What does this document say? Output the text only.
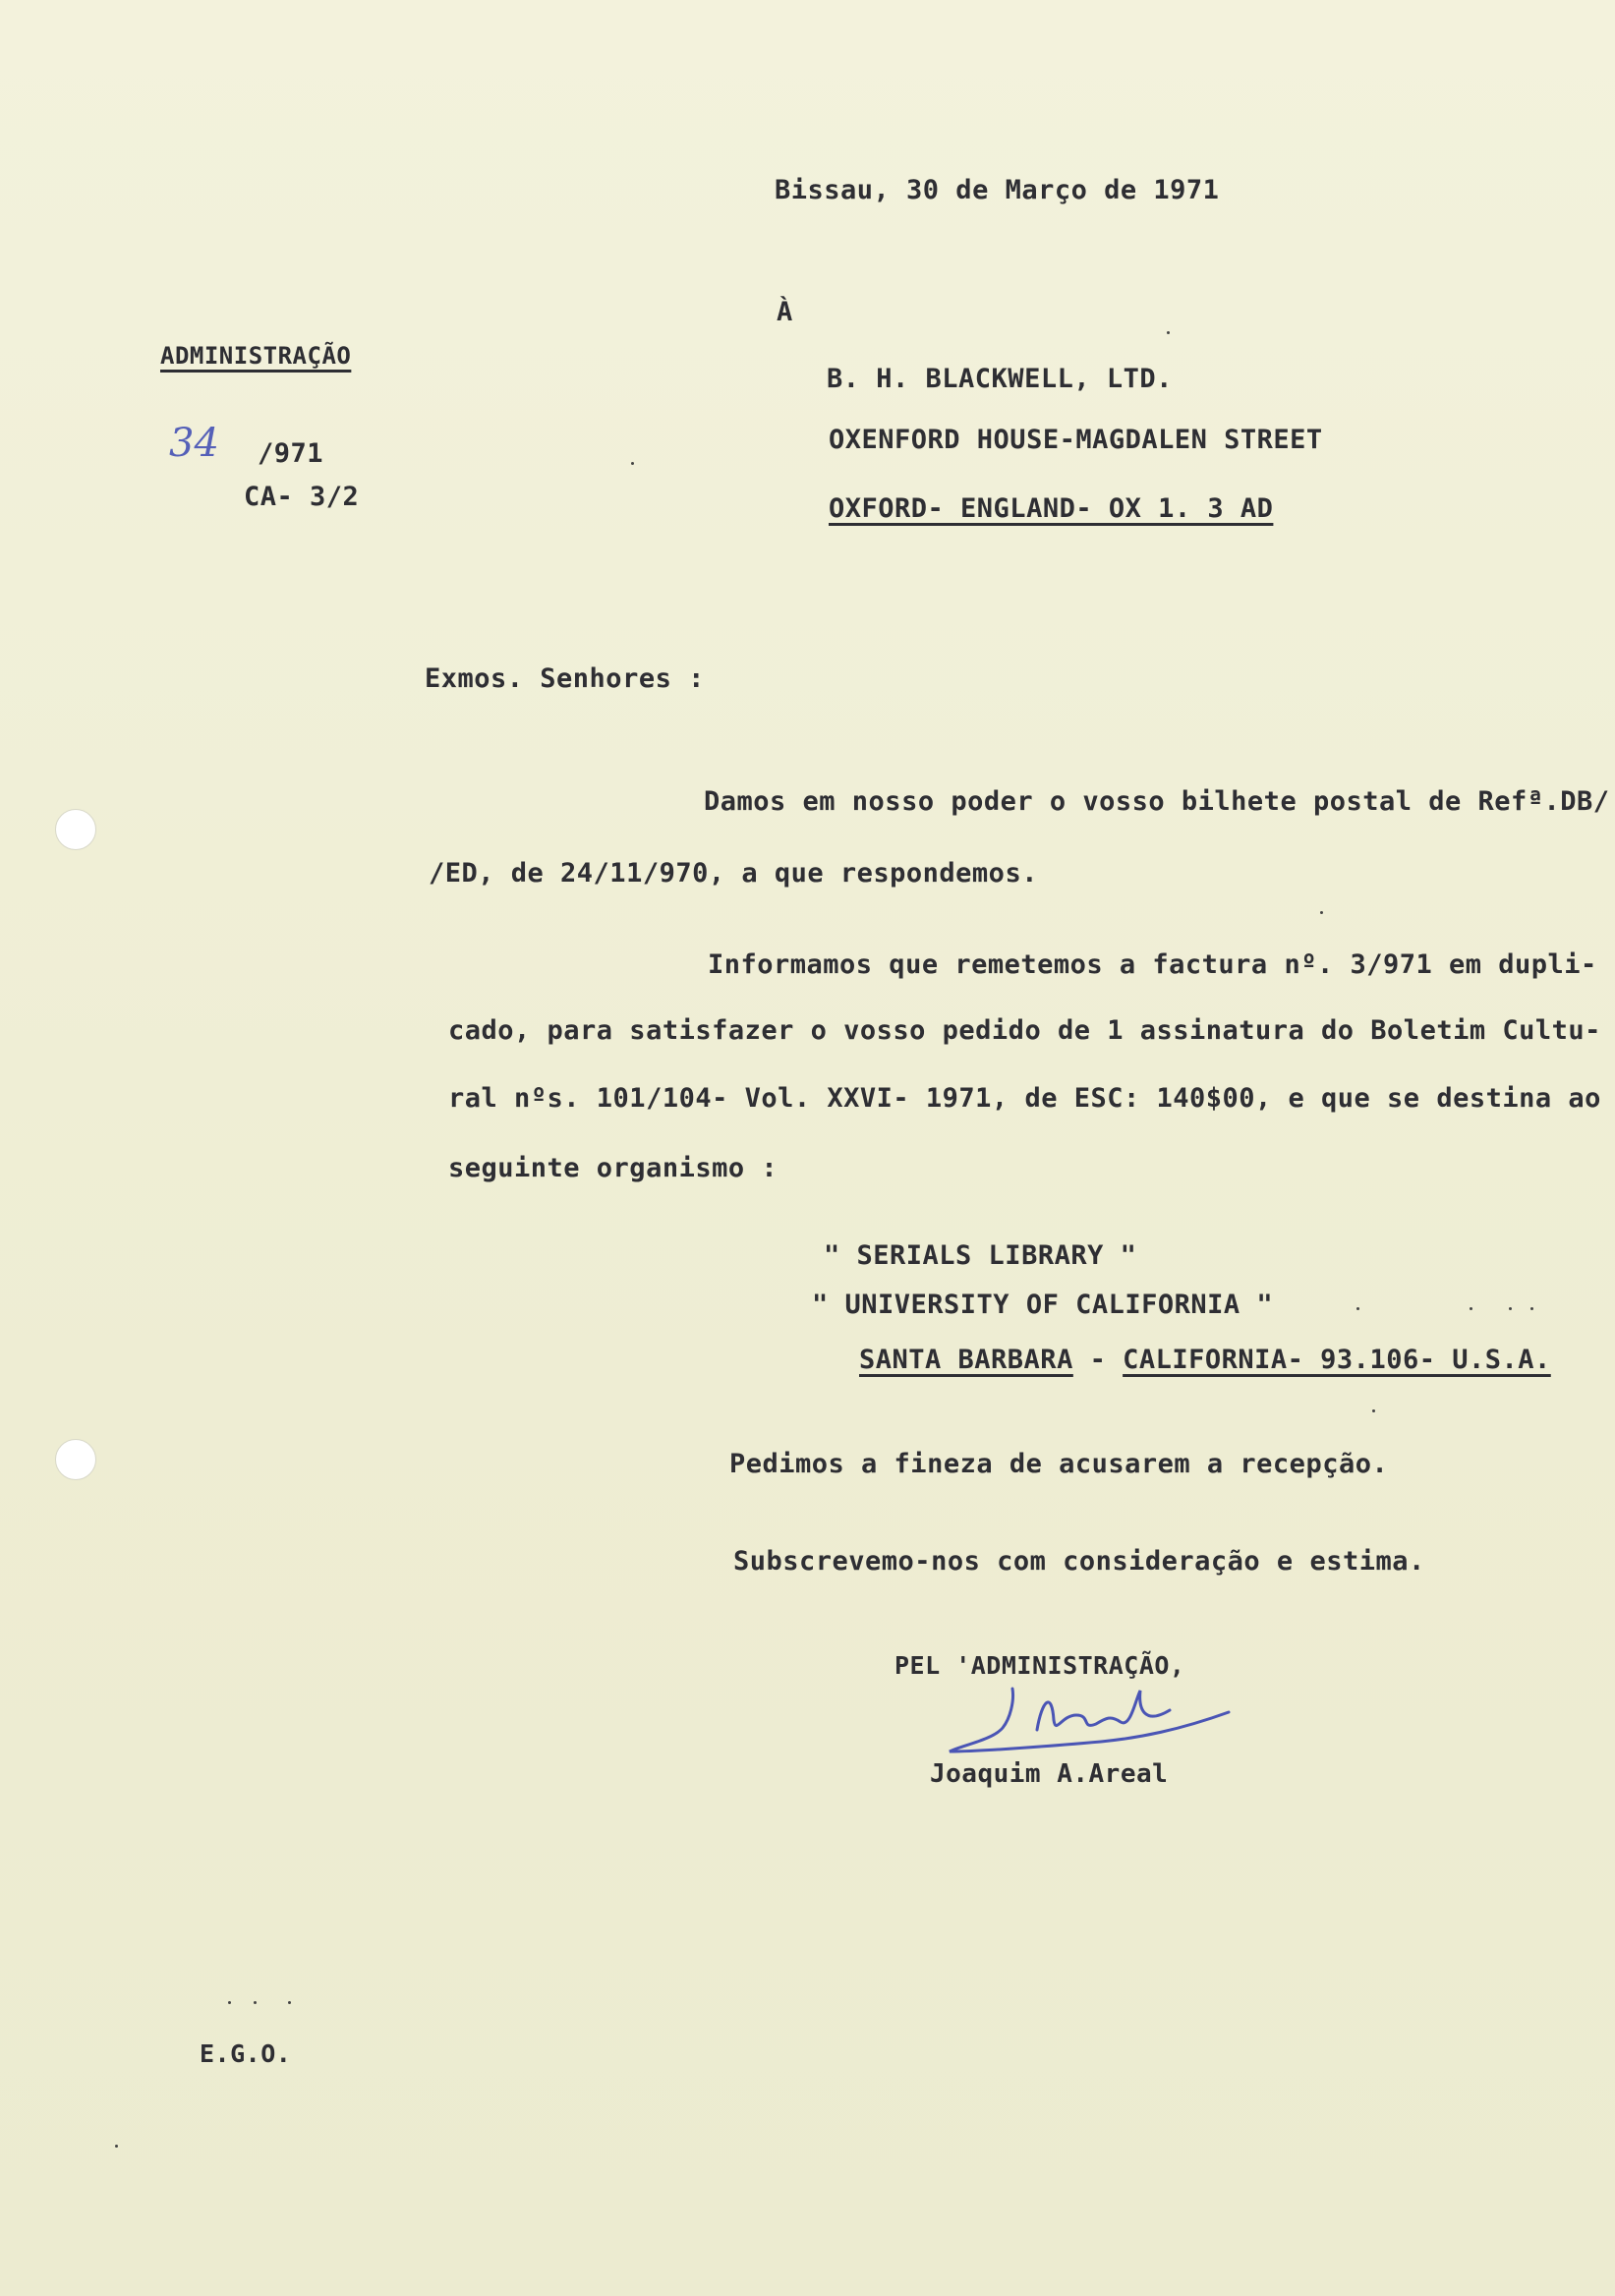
Bissau, 30 de Março de 1971
À
ADMINISTRAÇÃO
34 /971
CA- 3/2
B. H. BLACKWELL, LTD.
OXENFORD HOUSE-MAGDALEN STREET
OXFORD- ENGLAND- OX 1. 3 AD
Exmos. Senhores :
Damos em nosso poder o vosso bilhete postal de Refª.DB/
/ED, de 24/11/970, a que respondemos.
Informamos que remetemos a factura nº. 3/971 em dupli-
cado, para satisfazer o vosso pedido de 1 assinatura do Boletim Cultu-
ral nºs. 101/104- Vol. XXVI- 1971, de ESC: 140$00, e que se destina ao
seguinte organismo :
" SERIALS LIBRARY "
" UNIVERSITY OF CALIFORNIA "
SANTA BARBARA - CALIFORNIA- 93.106- U.S.A.
Pedimos a fineza de acusarem a recepção.
Subscrevemo-nos com consideração e estima.
PEL 'ADMINISTRAÇÃO,
Joaquim A.Areal
E.G.O.
